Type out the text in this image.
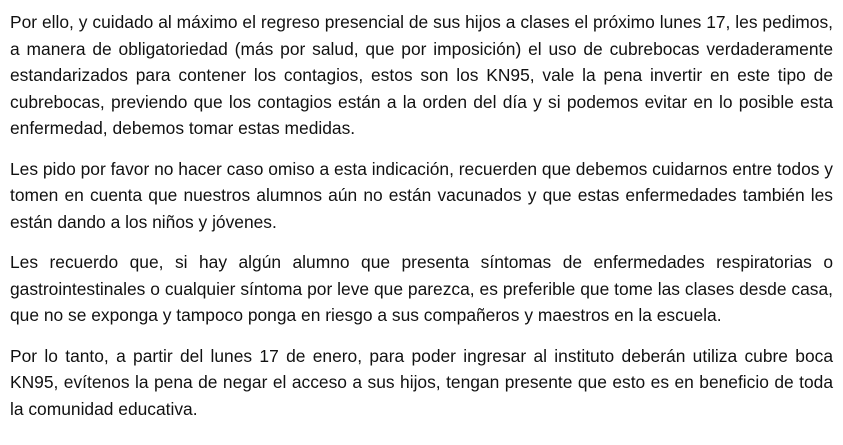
Por ello, y cuidado al máximo el regreso presencial de sus hijos a clases el próximo lunes 17, les pedimos, a manera de obligatoriedad (más por salud, que por imposición) el uso de cubrebocas verdaderamente estandarizados para contener los contagios, estos son los KN95, vale la pena invertir en este tipo de cubrebocas, previendo que los contagios están a la orden del día y si podemos evitar en lo posible esta enfermedad, debemos tomar estas medidas.

Les pido por favor no hacer caso omiso a esta indicación, recuerden que debemos cuidarnos entre todos y tomen en cuenta que nuestros alumnos aún no están vacunados y que estas enfermedades también les están dando a los niños y jóvenes.

Les recuerdo que, si hay algún alumno que presenta síntomas de enfermedades respiratorias o gastrointestinales o cualquier síntoma por leve que parezca, es preferible que tome las clases desde casa, que no se exponga y tampoco ponga en riesgo a sus compañeros y maestros en la escuela.

Por lo tanto, a partir del lunes 17 de enero, para poder ingresar al instituto deberán utiliza cubre boca KN95, evítenos la pena de negar el acceso a sus hijos, tengan presente que esto es en beneficio de toda la comunidad educativa.
